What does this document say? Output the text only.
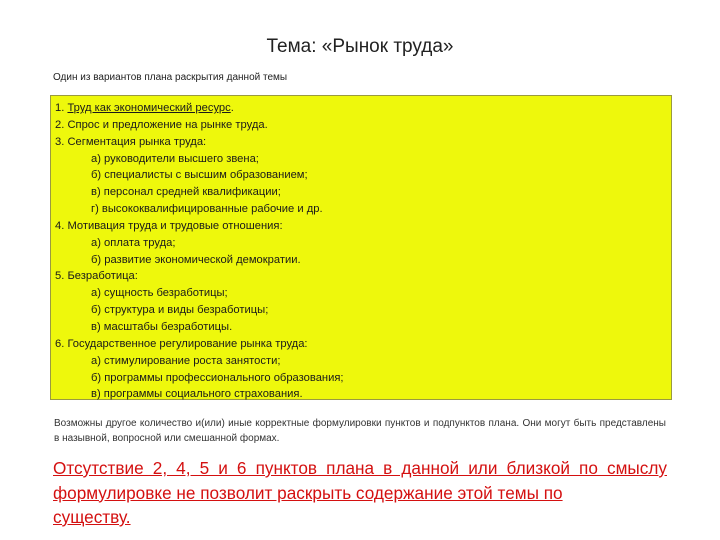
Тема: «Рынок труда»
Один из вариантов плана раскрытия данной темы
1. Труд как экономический ресурс.
2. Спрос и предложение на рынке труда.
3. Сегментация рынка труда:
а) руководители высшего звена;
б) специалисты с высшим образованием;
в) персонал средней квалификации;
г) высококвалифицированные рабочие и др.
4. Мотивация труда и трудовые отношения:
а) оплата труда;
б) развитие экономической демократии.
5. Безработица:
а) сущность безработицы;
б) структура и виды безработицы;
в) масштабы безработицы.
6. Государственное регулирование рынка труда:
а) стимулирование роста занятости;
б) программы профессионального образования;
в) программы социального страхования.
Возможны другое количество и(или) иные корректные формулировки пунктов и подпунктов плана. Они могут быть представлены в назывной, вопросной или смешанной формах.
Отсутствие 2, 4, 5 и 6 пунктов плана в данной или близкой по смыслу формулировке не позволит раскрыть содержание этой темы по
существу.
